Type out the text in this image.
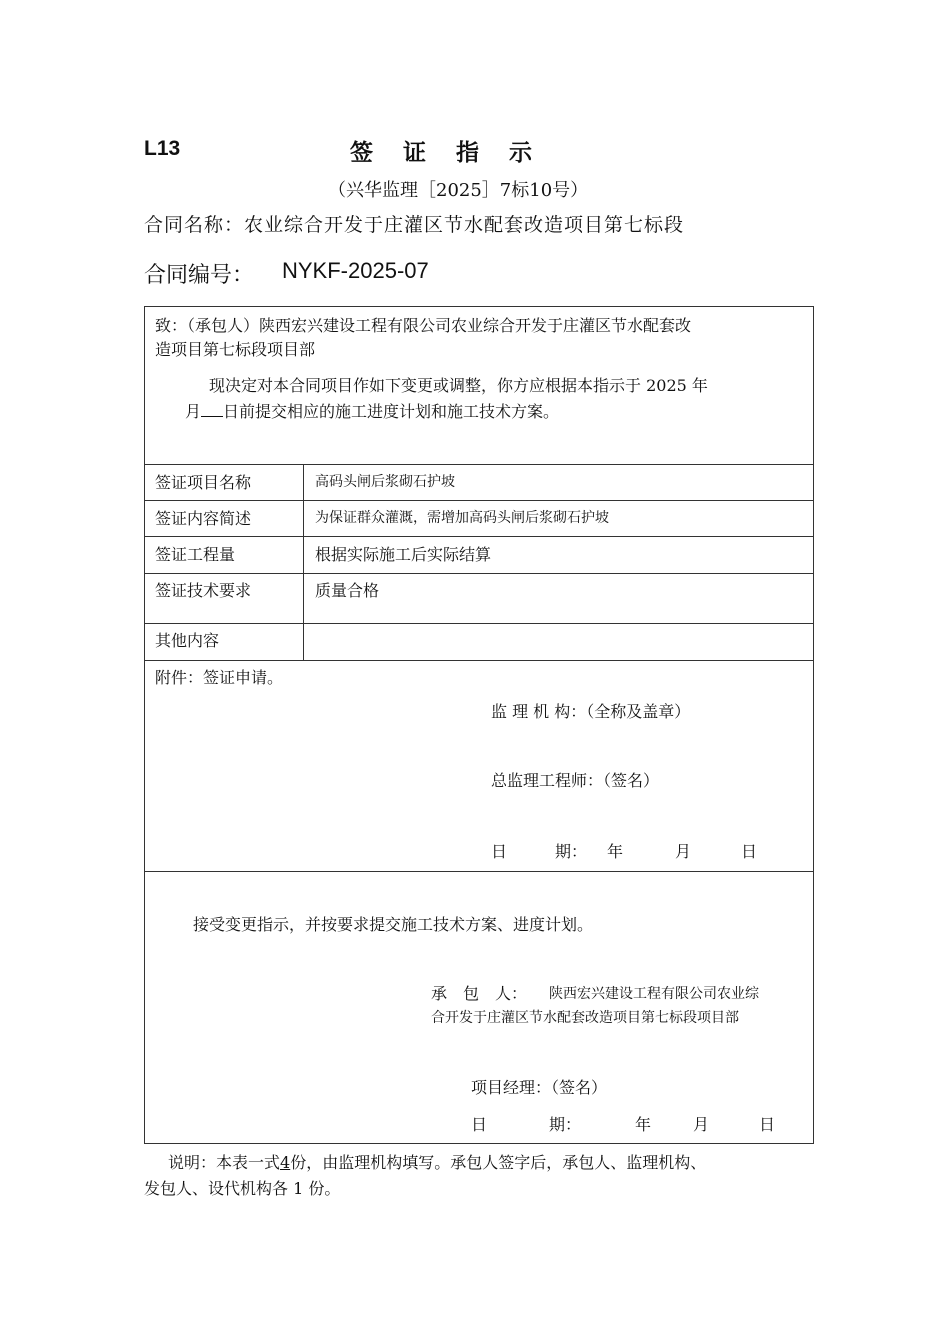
L13	签证指示
（兴华监理［2025］7标10号）
合同名称：农业综合开发于庄灌区节水配套改造项目第七标段
合同编号： NYKF-2025-07
致：（承包人）陕西宏兴建设工程有限公司农业综合开发于庄灌区节水配套改
造项目第七标段项目部
现决定对本合同项目作如下变更或调整，你方应根据本指示于 2025 年
月 日前提交相应的施工进度计划和施工技术方案。
签证项目名称	高码头闸后浆砌石护坡
签证内容简述	为保证群众灌溉，需增加高码头闸后浆砌石护坡
签证工程量	根据实际施工后实际结算
签证技术要求	质量合格
其他内容
附件：签证申请。
监 理 机 构：（全称及盖章）
总监理工程师：（签名）
日	期： 年	月	日
接受变更指示，并按要求提交施工技术方案、进度计划。
承　包　人： 陕西宏兴建设工程有限公司农业综
合开发于庄灌区节水配套改造项目第七标段项目部
项目经理：（签名）
日	期：	年	月	日
说明：本表一式4份，由监理机构填写。承包人签字后，承包人、监理机构、
发包人、设代机构各 1 份。
